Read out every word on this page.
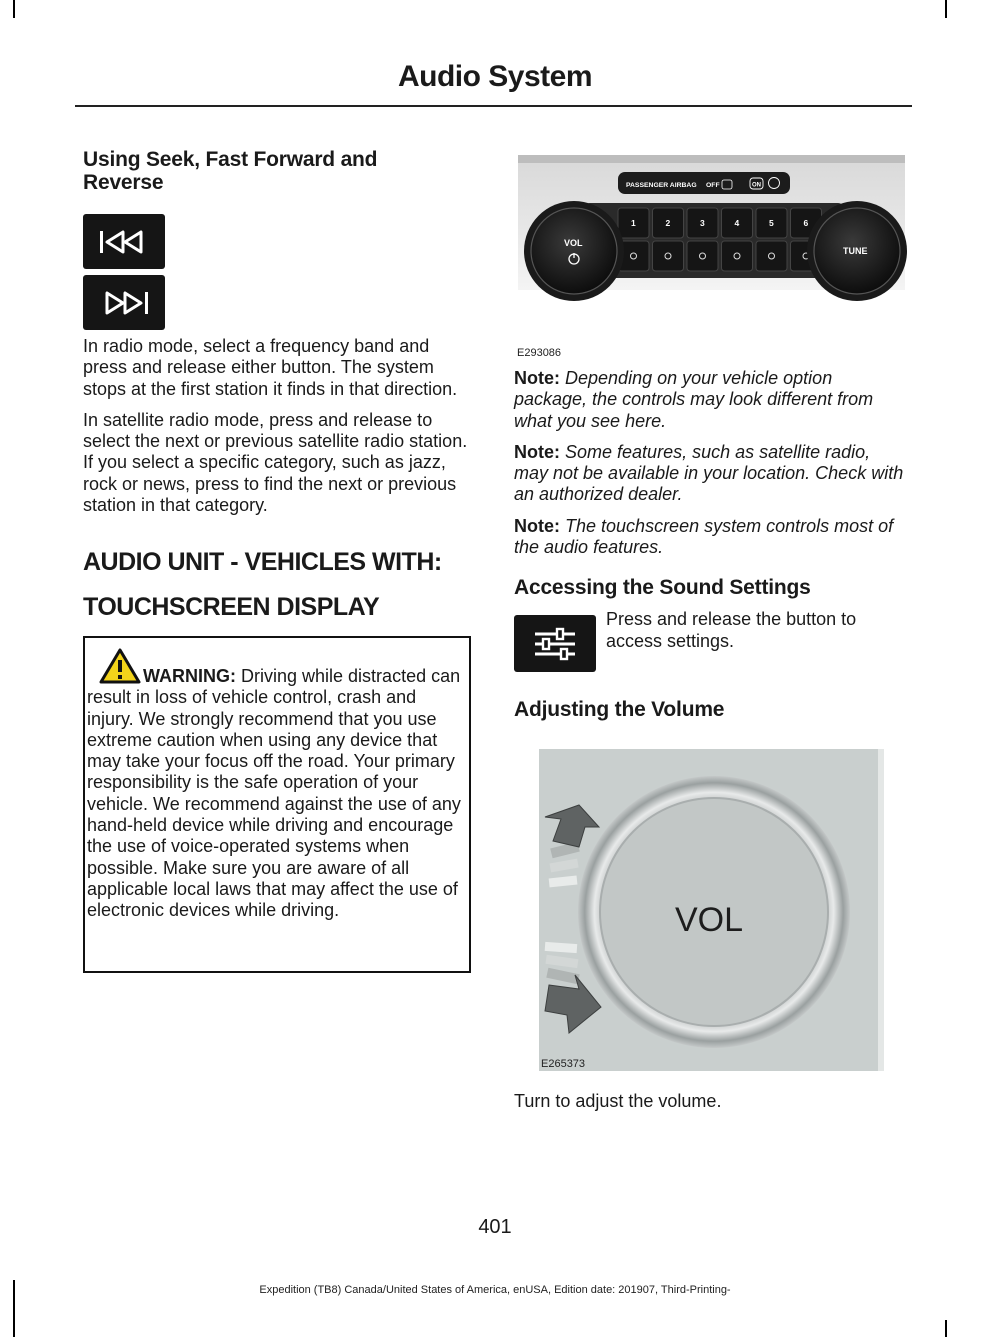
Audio System
Using Seek, Fast Forward and Reverse

In radio mode, select a frequency band and press and release either button. The system stops at the first station it finds in that direction.

In satellite radio mode, press and release to select the next or previous satellite radio station. If you select a specific category, such as jazz, rock or news, press to find the next or previous station in that category.

AUDIO UNIT - VEHICLES WITH:

TOUCHSCREEN DISPLAY

WARNING: Driving while distracted can result in loss of vehicle control, crash and injury. We strongly recommend that you use extreme caution when using any device that may take your focus off the road. Your primary responsibility is the safe operation of your vehicle. We recommend against the use of any hand-held device while driving and encourage the use of voice-operated systems when possible. Make sure you are aware of all applicable local laws that may affect the use of electronic devices while driving.
PASSENGER AIRBAG OFF	ON
1	2	3	4	5	6
VOL
TUNE
E293086

Note: Depending on your vehicle option package, the controls may look different from what you see here.

Note: Some features, such as satellite radio, may not be available in your location. Check with an authorized dealer.

Note: The touchscreen system controls most of the audio features.

Accessing the Sound Settings

Press and release the button to access settings.

Adjusting the Volume
VOL
E265373

Turn to adjust the volume.

401
Expedition (TB8) Canada/United States of America, enUSA, Edition date: 201907, Third-Printing-
